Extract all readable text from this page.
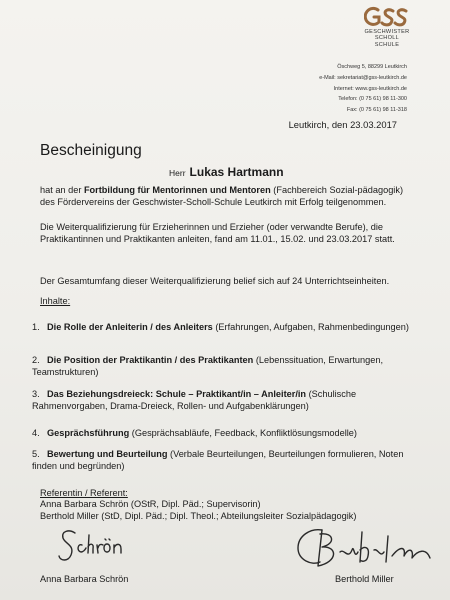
GESCHWISTER
SCHOLL
SCHULE
Öschweg 5, 88299 Leutkirch
e-Mail: sekretariat@gss-leutkirch.de
Internet: www.gss-leutkirch.de
Telefon: (0 75 61) 98 11-300
Fax: (0 75 61) 98 11-318
Leutkirch, den 23.03.2017
Bescheinigung
Herr Lukas Hartmann
hat an der Fortbildung für Mentorinnen und Mentoren (Fachbereich Sozial-pädagogik) des Fördervereins der Geschwister-Scholl-Schule Leutkirch mit Erfolg teilgenommen.
Die Weiterqualifizierung für Erzieherinnen und Erzieher (oder verwandte Berufe), die Praktikantinnen und Praktikanten anleiten, fand am 11.01., 15.02. und 23.03.2017 statt.
Der Gesamtumfang dieser Weiterqualifizierung belief sich auf 24 Unterrichtseinheiten.
Inhalte:
1. Die Rolle der Anleiterin / des Anleiters (Erfahrungen, Aufgaben, Rahmenbedingungen)
2. Die Position der Praktikantin / des Praktikanten (Lebenssituation, Erwartungen, Teamstrukturen)
3. Das Beziehungsdreieck: Schule – Praktikant/in – Anleiter/in (Schulische Rahmenvorgaben, Drama-Dreieck, Rollen- und Aufgabenklärungen)
4. Gesprächsführung (Gesprächsabläufe, Feedback, Konfliktlösungsmodelle)
5. Bewertung und Beurteilung (Verbale Beurteilungen, Beurteilungen formulieren, Noten finden und begründen)
Referentin / Referent:
Anna Barbara Schrön (OStR, Dipl. Päd.; Supervisorin)
Berthold Miller (StD, Dipl. Päd.; Dipl. Theol.; Abteilungsleiter Sozialpädagogik)
Anna Barbara Schrön	Berthold Miller
